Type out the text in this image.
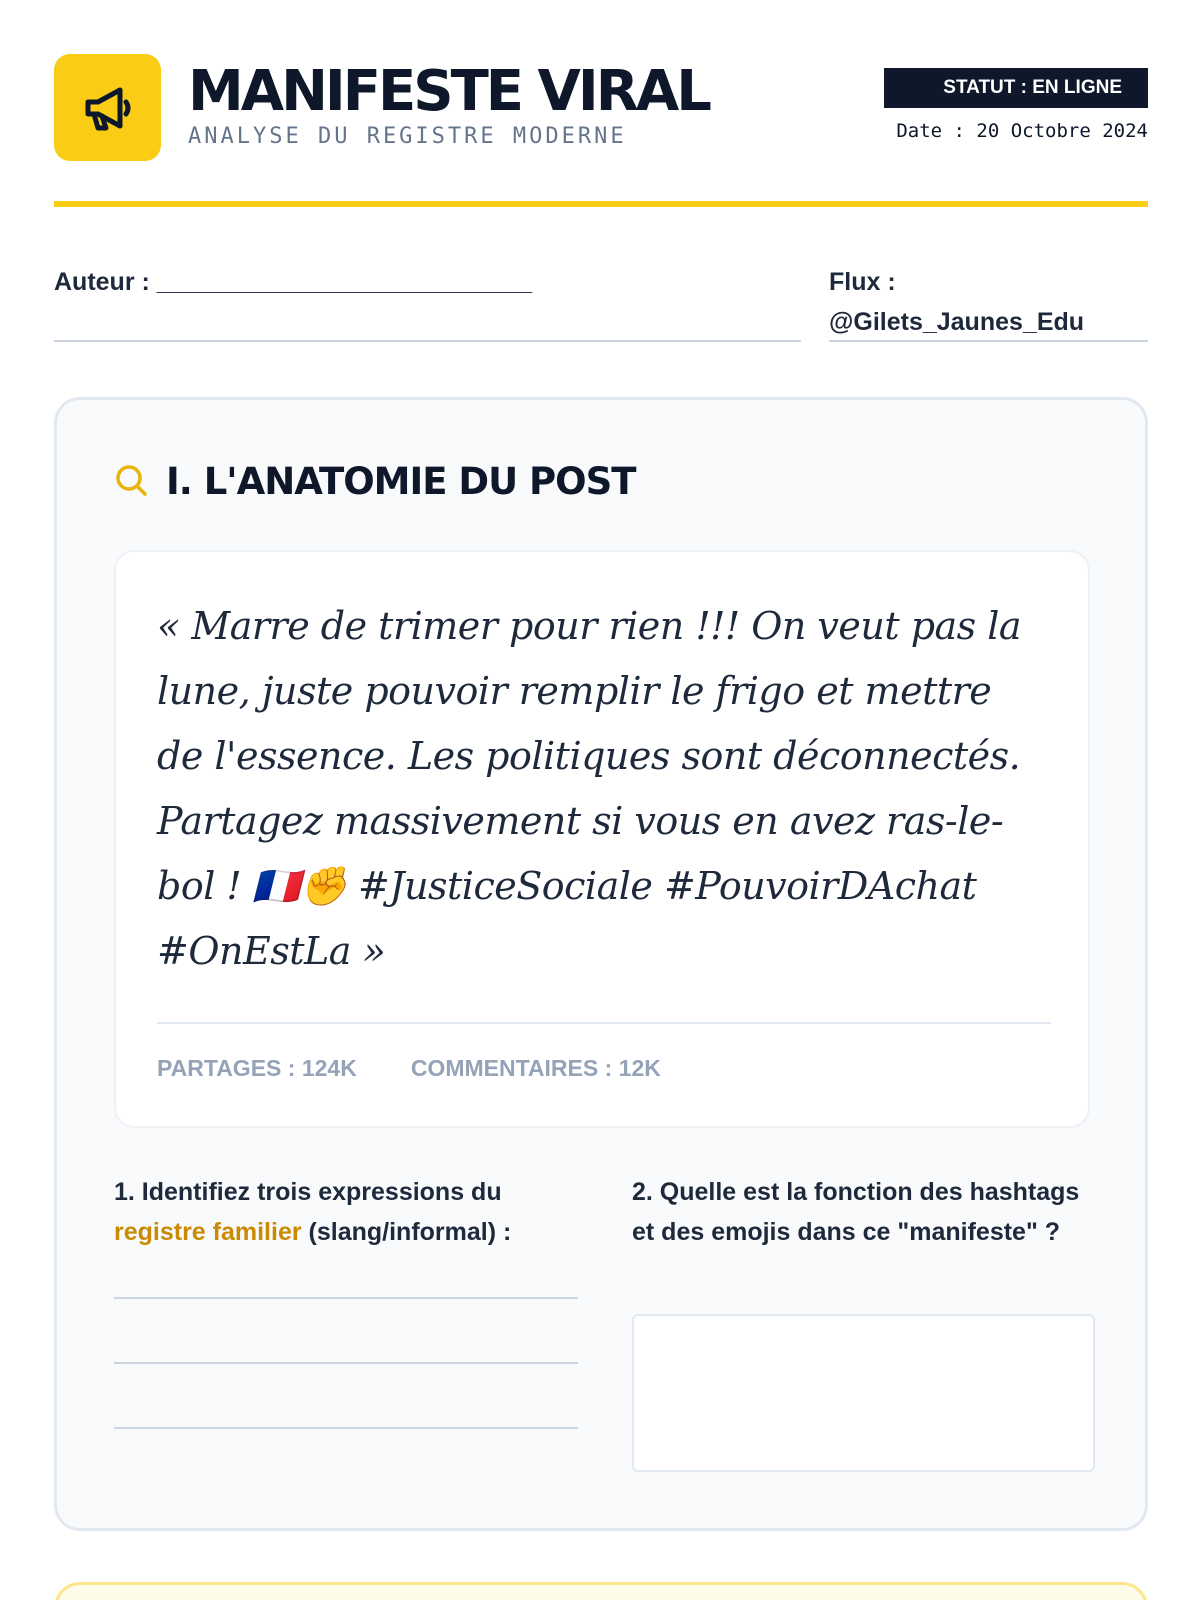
MANIFESTE VIRAL
ANALYSE DU REGISTRE MODERNE
STATUT : EN LIGNE
Date : 20 Octobre 2024
Auteur : ___________________________	Flux :
@Gilets_Jaunes_Edu
I. L'ANATOMIE DU POST
« Marre de trimer pour rien !!! On veut pas la lune, juste pouvoir remplir le frigo et mettre de l'essence. Les politiques sont déconnectés. Partagez massivement si vous en avez ras-le-bol ! 🇫🇷✊ #JusticeSociale #PouvoirDAchat #OnEstLa »
PARTAGES : 124K COMMENTAIRES : 12K
1. Identifiez trois expressions du registre familier (slang/informal) :
2. Quelle est la fonction des hashtags et des emojis dans ce "manifeste" ?
